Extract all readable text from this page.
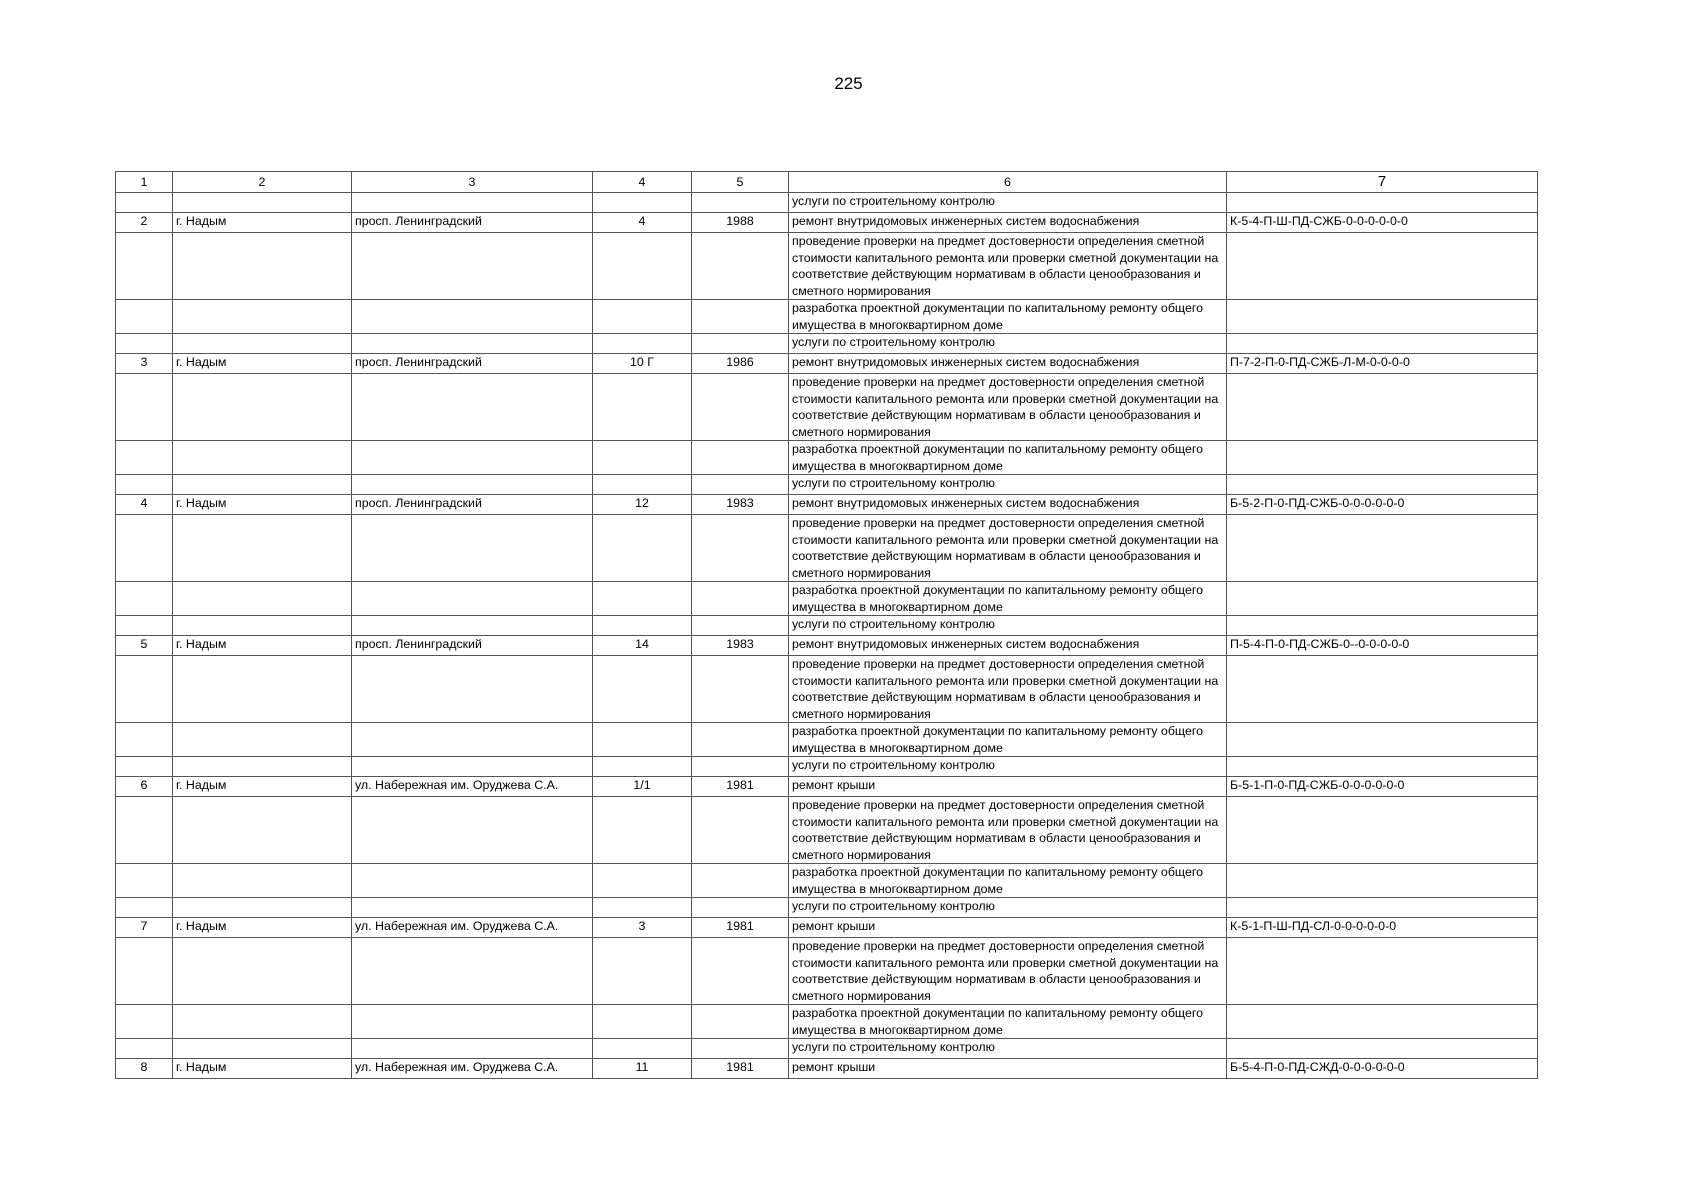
225
1	2	3	4	5	6	7
					услуги по строительному контролю	
2	г. Надым	просп. Ленинградский	4	1988	ремонт внутридомовых инженерных систем водоснабжения	К-5-4-П-Ш-ПД-СЖБ-0-0-0-0-0-0
					проведение проверки на предмет достоверности определения сметной стоимости капитального ремонта или проверки сметной документации на соответствие действующим нормативам в области ценообразования и сметного нормирования	
					разработка проектной документации по капитальному ремонту общего имущества в многоквартирном доме	
					услуги по строительному контролю	
3	г. Надым	просп. Ленинградский	10 Г	1986	ремонт внутридомовых инженерных систем водоснабжения	П-7-2-П-0-ПД-СЖБ-Л-М-0-0-0-0
					проведение проверки на предмет достоверности определения сметной стоимости капитального ремонта или проверки сметной документации на соответствие действующим нормативам в области ценообразования и сметного нормирования	
					разработка проектной документации по капитальному ремонту общего имущества в многоквартирном доме	
					услуги по строительному контролю	
4	г. Надым	просп. Ленинградский	12	1983	ремонт внутридомовых инженерных систем водоснабжения	Б-5-2-П-0-ПД-СЖБ-0-0-0-0-0-0
					проведение проверки на предмет достоверности определения сметной стоимости капитального ремонта или проверки сметной документации на соответствие действующим нормативам в области ценообразования и сметного нормирования	
					разработка проектной документации по капитальному ремонту общего имущества в многоквартирном доме	
					услуги по строительному контролю	
5	г. Надым	просп. Ленинградский	14	1983	ремонт внутридомовых инженерных систем водоснабжения	П-5-4-П-0-ПД-СЖБ-0--0-0-0-0-0
					проведение проверки на предмет достоверности определения сметной стоимости капитального ремонта или проверки сметной документации на соответствие действующим нормативам в области ценообразования и сметного нормирования	
					разработка проектной документации по капитальному ремонту общего имущества в многоквартирном доме	
					услуги по строительному контролю	
6	г. Надым	ул. Набережная им. Оруджева С.А.	1/1	1981	ремонт крыши	Б-5-1-П-0-ПД-СЖБ-0-0-0-0-0-0
					проведение проверки на предмет достоверности определения сметной стоимости капитального ремонта или проверки сметной документации на соответствие действующим нормативам в области ценообразования и сметного нормирования	
					разработка проектной документации по капитальному ремонту общего имущества в многоквартирном доме	
					услуги по строительному контролю	
7	г. Надым	ул. Набережная им. Оруджева С.А.	3	1981	ремонт крыши	К-5-1-П-Ш-ПД-СЛ-0-0-0-0-0-0
					проведение проверки на предмет достоверности определения сметной стоимости капитального ремонта или проверки сметной документации на соответствие действующим нормативам в области ценообразования и сметного нормирования	
					разработка проектной документации по капитальному ремонту общего имущества в многоквартирном доме	
					услуги по строительному контролю	
8	г. Надым	ул. Набережная им. Оруджева С.А.	11	1981	ремонт крыши	Б-5-4-П-0-ПД-СЖД-0-0-0-0-0-0
